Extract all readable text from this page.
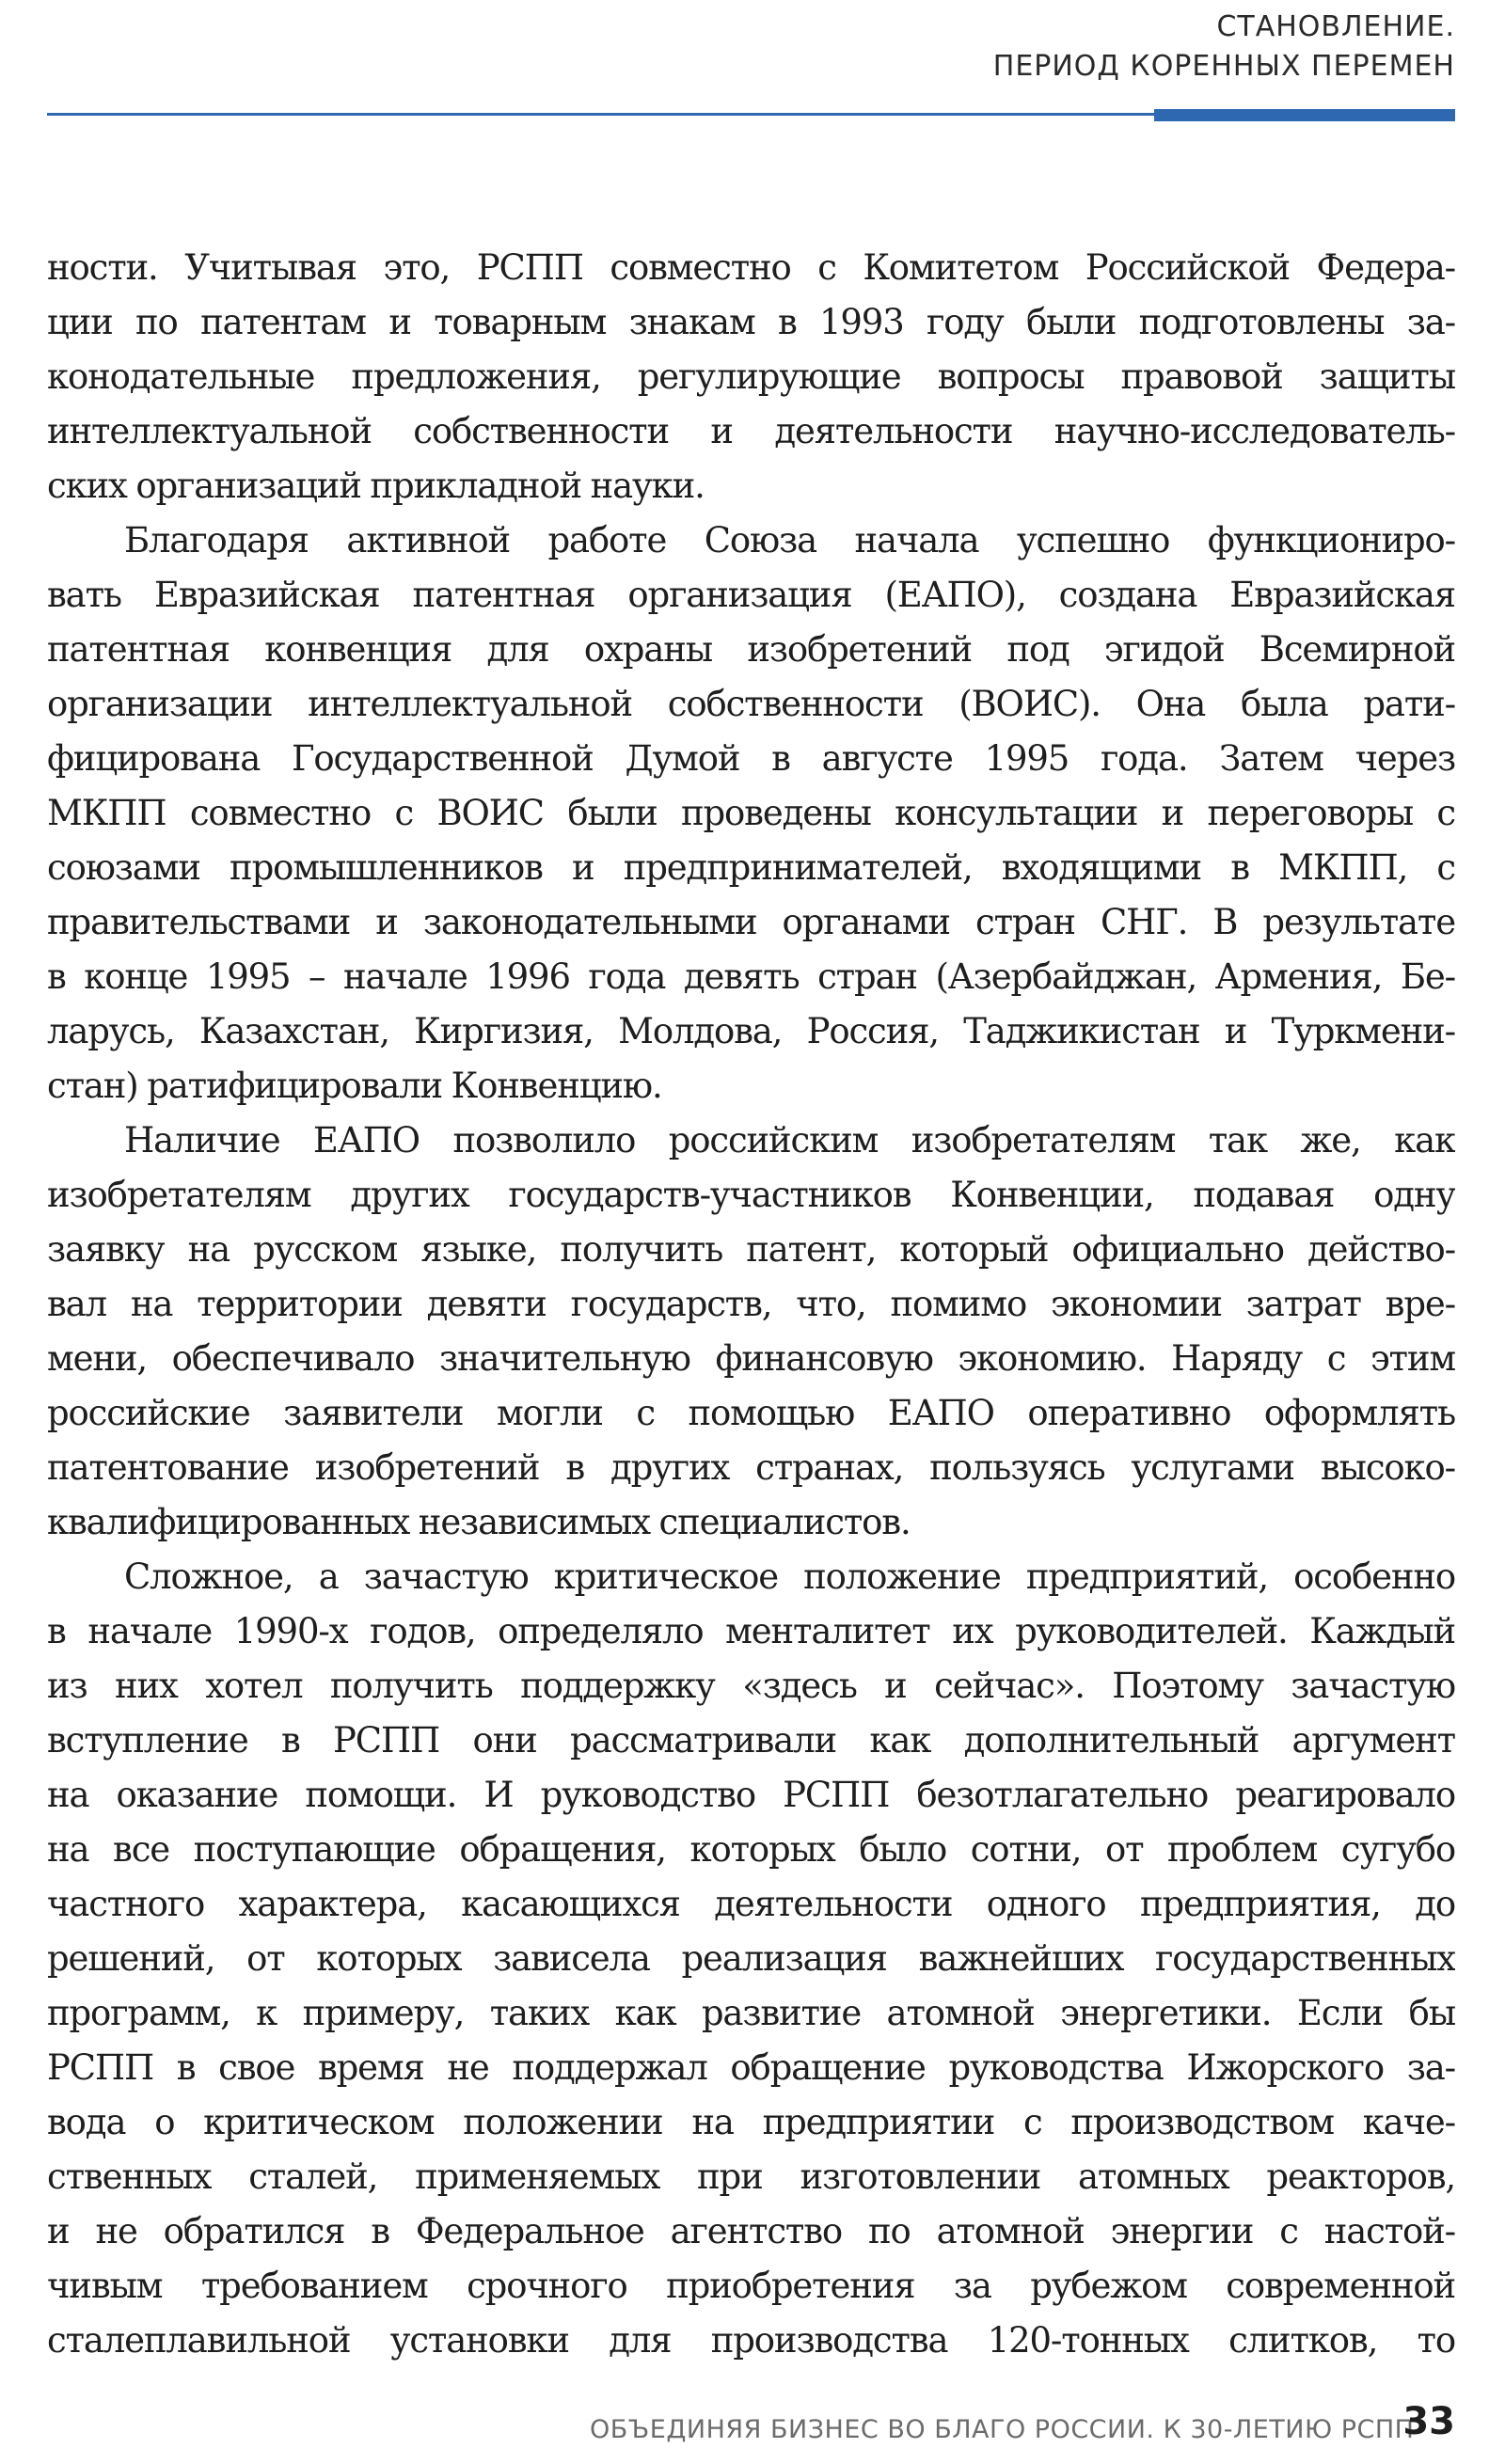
СТАНОВЛЕНИЕ.
ПЕРИОД КОРЕННЫХ ПЕРЕМЕН
ности. Учитывая это, РСПП совместно с Комитетом Российской Федера-
ции по патентам и товарным знакам в 1993 году были подготовлены за-
конодательные предложения, регулирующие вопросы правовой защиты
интеллектуальной собственности и деятельности научно-исследователь-
ских организаций прикладной науки.
Благодаря активной работе Союза начала успешно функциониро-
вать Евразийская патентная организация (ЕАПО), создана Евразийская
патентная конвенция для охраны изобретений под эгидой Всемирной
организации интеллектуальной собственности (ВОИС). Она была рати-
фицирована Государственной Думой в августе 1995 года. Затем через
МКПП совместно с ВОИС были проведены консультации и переговоры с
союзами промышленников и предпринимателей, входящими в МКПП, с
правительствами и законодательными органами стран СНГ. В результате
в конце 1995 – начале 1996 года девять стран (Азербайджан, Армения, Бе-
ларусь, Казахстан, Киргизия, Молдова, Россия, Таджикистан и Туркмени-
стан) ратифицировали Конвенцию.
Наличие ЕАПО позволило российским изобретателям так же, как
изобретателям других государств-участников Конвенции, подавая одну
заявку на русском языке, получить патент, который официально действо-
вал на территории девяти государств, что, помимо экономии затрат вре-
мени, обеспечивало значительную финансовую экономию. Наряду с этим
российские заявители могли с помощью ЕАПО оперативно оформлять
патентование изобретений в других странах, пользуясь услугами высоко-
квалифицированных независимых специалистов.
Сложное, а зачастую критическое положение предприятий, особенно
в начале 1990-х годов, определяло менталитет их руководителей. Каждый
из них хотел получить поддержку «здесь и сейчас». Поэтому зачастую
вступление в РСПП они рассматривали как дополнительный аргумент
на оказание помощи. И руководство РСПП безотлагательно реагировало
на все поступающие обращения, которых было сотни, от проблем сугубо
частного характера, касающихся деятельности одного предприятия, до
решений, от которых зависела реализация важнейших государственных
программ, к примеру, таких как развитие атомной энергетики. Если бы
РСПП в свое время не поддержал обращение руководства Ижорского за-
вода о критическом положении на предприятии с производством каче-
ственных сталей, применяемых при изготовлении атомных реакторов,
и не обратился в Федеральное агентство по атомной энергии с настой-
чивым требованием срочного приобретения за рубежом современной
сталеплавильной установки для производства 120-тонных слитков, то
ОБЪЕДИНЯЯ БИЗНЕС ВО БЛАГО РОССИИ. К 30-ЛЕТИЮ РСПП
33
